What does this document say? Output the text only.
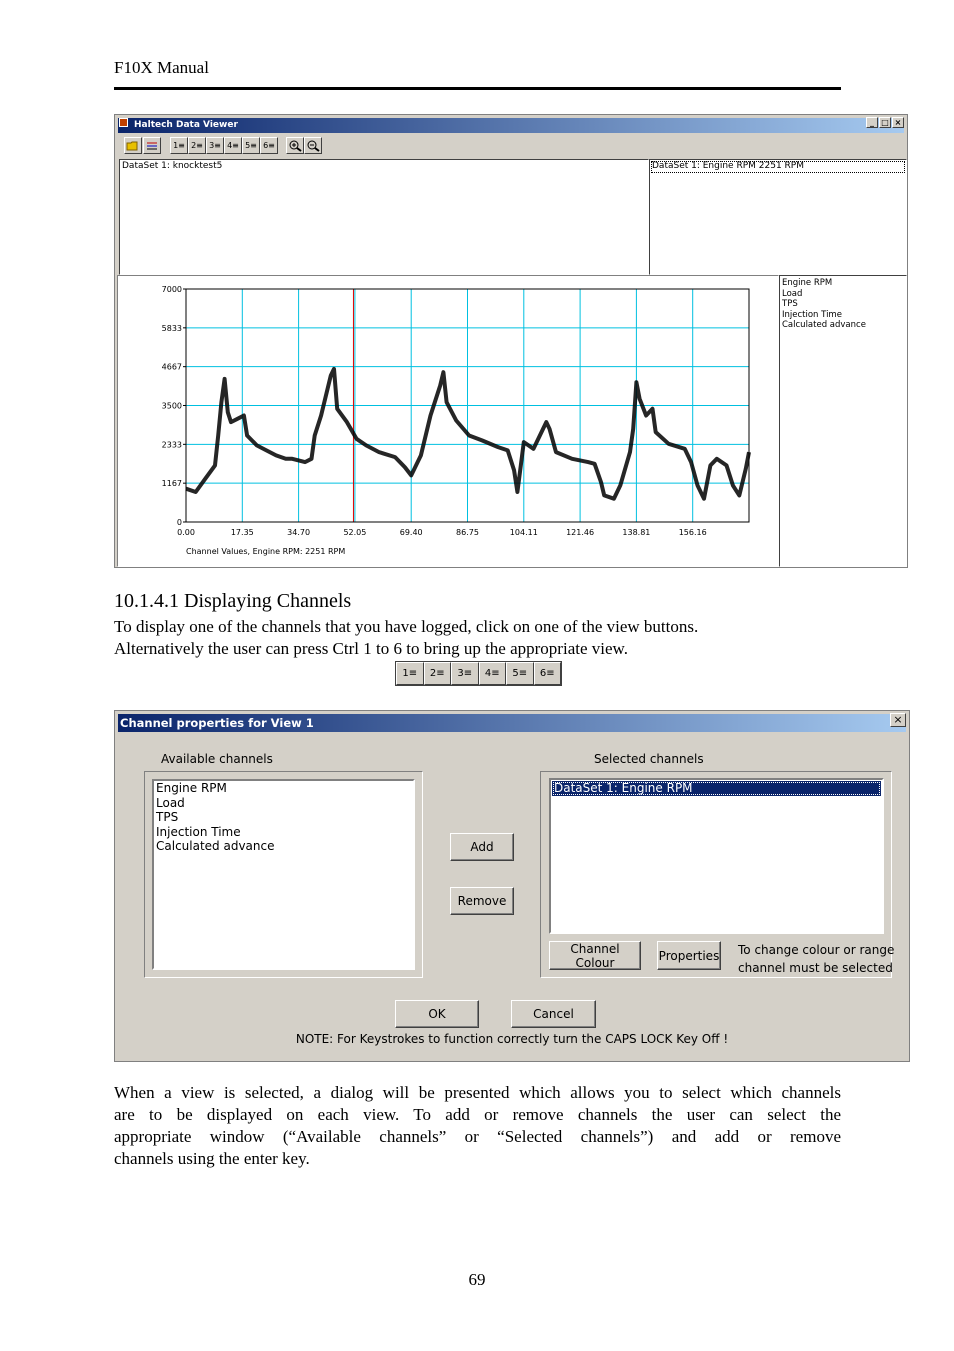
F10X Manual
Haltech Data Viewer	_ □ ×
1≡ 2≡ 3≡ 4≡ 5≡ 6≡
DataSet 1: knocktest5	DataSet 1: Engine RPM 2251 RPM
0.00	17.35	34.70	52.05	69.40	86.75	104.11	121.46	138.81	156.16
0
1167
2333
3500
4667
5833
7000
Channel Values, Engine RPM: 2251 RPM
Engine RPM
Load
TPS
Injection Time
Calculated advance
10.1.4.1 Displaying Channels
To display one of the channels that you have logged, click on one of the view buttons.
Alternatively the user can press Ctrl 1 to 6 to bring up the appropriate view.
1≡	2≡	3≡	4≡	5≡	6≡
Channel properties for View 1	×
Available channels
Engine RPM
Load
TPS
Injection Time
Calculated advance	Add
Remove
Selected channels
DataSet 1: Engine RPM
Channel Colour
Properties To change colour or range
channel must be selected
OK	Cancel
NOTE: For Keystrokes to function correctly turn the CAPS LOCK Key Off !
When a view is selected, a dialog will be presented which allows you to select which channels
are to be displayed on each view. To add or remove channels the user can select the
appropriate window (“Available channels” or “Selected channels”) and add or remove
channels using the enter key.
69
